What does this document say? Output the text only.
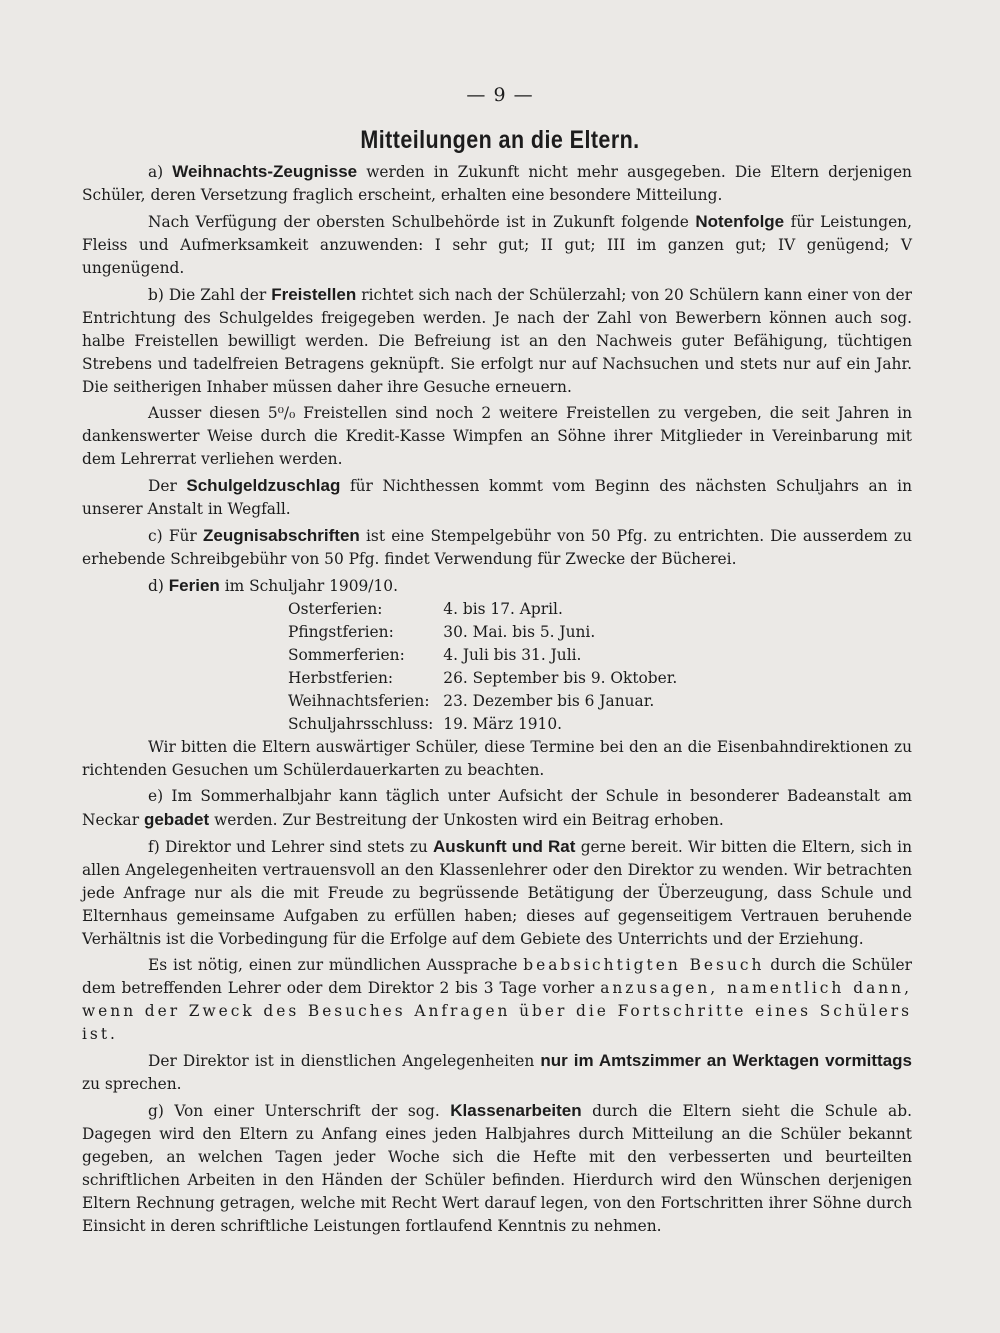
— 9 —
Mitteilungen an die Eltern.

a) Weihnachts-Zeugnisse werden in Zukunft nicht mehr ausgegeben. Die Eltern derjenigen Schüler, deren Versetzung fraglich erscheint, erhalten eine besondere Mitteilung.

Nach Verfügung der obersten Schulbehörde ist in Zukunft folgende Notenfolge für Leistungen, Fleiss und Aufmerksamkeit anzuwenden: I sehr gut; II gut; III im ganzen gut; IV genügend; V ungenügend.

b) Die Zahl der Freistellen richtet sich nach der Schülerzahl; von 20 Schülern kann einer von der Entrichtung des Schulgeldes freigegeben werden. Je nach der Zahl von Bewerbern können auch sog. halbe Freistellen bewilligt werden. Die Befreiung ist an den Nachweis guter Befähigung, tüchtigen Strebens und tadelfreien Betragens geknüpft. Sie erfolgt nur auf Nachsuchen und stets nur auf ein Jahr. Die seitherigen Inhaber müssen daher ihre Gesuche erneuern.

Ausser diesen 5⁰/₀ Freistellen sind noch 2 weitere Freistellen zu vergeben, die seit Jahren in dankenswerter Weise durch die Kredit-Kasse Wimpfen an Söhne ihrer Mitglieder in Vereinbarung mit dem Lehrerrat verliehen werden.

Der Schulgeldzuschlag für Nichthessen kommt vom Beginn des nächsten Schuljahrs an in unserer Anstalt in Wegfall.

c) Für Zeugnisabschriften ist eine Stempelgebühr von 50 Pfg. zu entrichten. Die ausserdem zu erhebende Schreibgebühr von 50 Pfg. findet Verwendung für Zwecke der Bücherei.

d) Ferien im Schuljahr 1909/10.

Osterferien:	4. bis 17. April.
Pfingstferien:	30. Mai. bis 5. Juni.
Sommerferien:	4. Juli bis 31. Juli.
Herbstferien:	26. September bis 9. Oktober.
Weihnachtsferien:	23. Dezember bis 6 Januar.
Schuljahrsschluss:	19. März 1910.

Wir bitten die Eltern auswärtiger Schüler, diese Termine bei den an die Eisenbahndirektionen zu richtenden Gesuchen um Schülerdauerkarten zu beachten.

e) Im Sommerhalbjahr kann täglich unter Aufsicht der Schule in besonderer Badeanstalt am Neckar gebadet werden. Zur Bestreitung der Unkosten wird ein Beitrag erhoben.

f) Direktor und Lehrer sind stets zu Auskunft und Rat gerne bereit. Wir bitten die Eltern, sich in allen Angelegenheiten vertrauensvoll an den Klassenlehrer oder den Direktor zu wenden. Wir betrachten jede Anfrage nur als die mit Freude zu begrüssende Betätigung der Überzeugung, dass Schule und Elternhaus gemeinsame Aufgaben zu erfüllen haben; dieses auf gegenseitigem Vertrauen beruhende Verhältnis ist die Vorbedingung für die Erfolge auf dem Gebiete des Unterrichts und der Erziehung.

Es ist nötig, einen zur mündlichen Aussprache beabsichtigten Besuch durch die Schüler dem betreffenden Lehrer oder dem Direktor 2 bis 3 Tage vorher anzusagen, namentlich dann, wenn der Zweck des Besuches Anfragen über die Fortschritte eines Schülers ist.

Der Direktor ist in dienstlichen Angelegenheiten nur im Amtszimmer an Werktagen vormittags zu sprechen.

g) Von einer Unterschrift der sog. Klassenarbeiten durch die Eltern sieht die Schule ab. Dagegen wird den Eltern zu Anfang eines jeden Halbjahres durch Mitteilung an die Schüler bekannt gegeben, an welchen Tagen jeder Woche sich die Hefte mit den verbesserten und beurteilten schriftlichen Arbeiten in den Händen der Schüler befinden. Hierdurch wird den Wünschen derjenigen Eltern Rechnung getragen, welche mit Recht Wert darauf legen, von den Fortschritten ihrer Söhne durch Einsicht in deren schriftliche Leistungen fortlaufend Kenntnis zu nehmen.
